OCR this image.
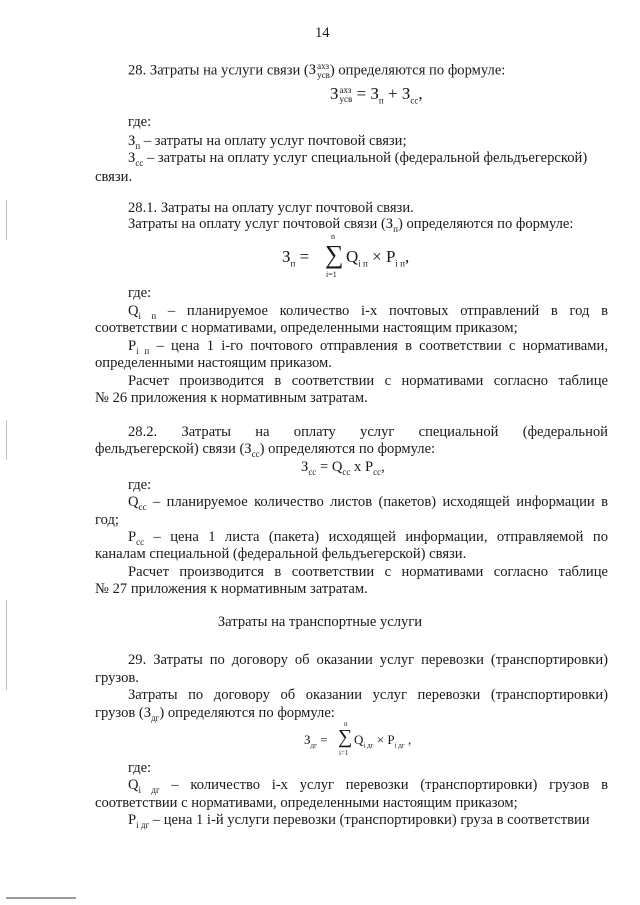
14
28. Затраты на услуги связи (З ахз
усв ) определяются по формуле:
З ахз
усв = $З_п + З_{сс}$,
где:
$З_п$ – затраты на оплату услуг почтовой связи;
$З_{сс}$ – затраты на оплату услуг специальной (федеральной фельдъегерской)
связи.
28.1. Затраты на оплату услуг почтовой связи.
Затраты на оплату услуг почтовой связи $(З_п)$ определяются по формуле:
$З_п$ =
n
∑
i=1
$Q_{i п} \times P_{i п}$,
где:
$Q_{i п}$ – планируемое количество i-х почтовых отправлений в год в
соответствии с нормативами, определенными настоящим приказом;
$P_{i п}$ – цена 1 i-го почтового отправления в соответствии с нормативами,
определенными настоящим приказом.
Расчет производится в соответствии с нормативами согласно таблице
№ 26 приложения к нормативным затратам.
28.2. Затраты на оплату услуг специальной (федеральной
фельдъегерской) связи $(З_{сс})$ определяются по формуле:
$З_{сс} = Q_{сс}$ x $P_{сс}$,
где:
$Q_{сс}$ – планируемое количество листов (пакетов) исходящей информации в
год;
$P_{сс}$ – цена 1 листа (пакета) исходящей информации, отправляемой по
каналам специальной (федеральной фельдъегерской) связи.
Расчет производится в соответствии с нормативами согласно таблице
№ 27 приложения к нормативным затратам.
Затраты на транспортные услуги
29. Затраты по договору об оказании услуг перевозки (транспортировки)
грузов.
Затраты по договору об оказании услуг перевозки (транспортировки)
грузов $(З_{дг})$ определяются по формуле:
$З_{дг}$ =
n
∑
i=1
$Q_{i дг} \times P_{i дг}$ ,
где:
$Q_{i дг}$ – количество i-х услуг перевозки (транспортировки) грузов в
соответствии с нормативами, определенными настоящим приказом;
$P_{i дг}$ – цена 1 i-й услуги перевозки (транспортировки) груза в соответствии
